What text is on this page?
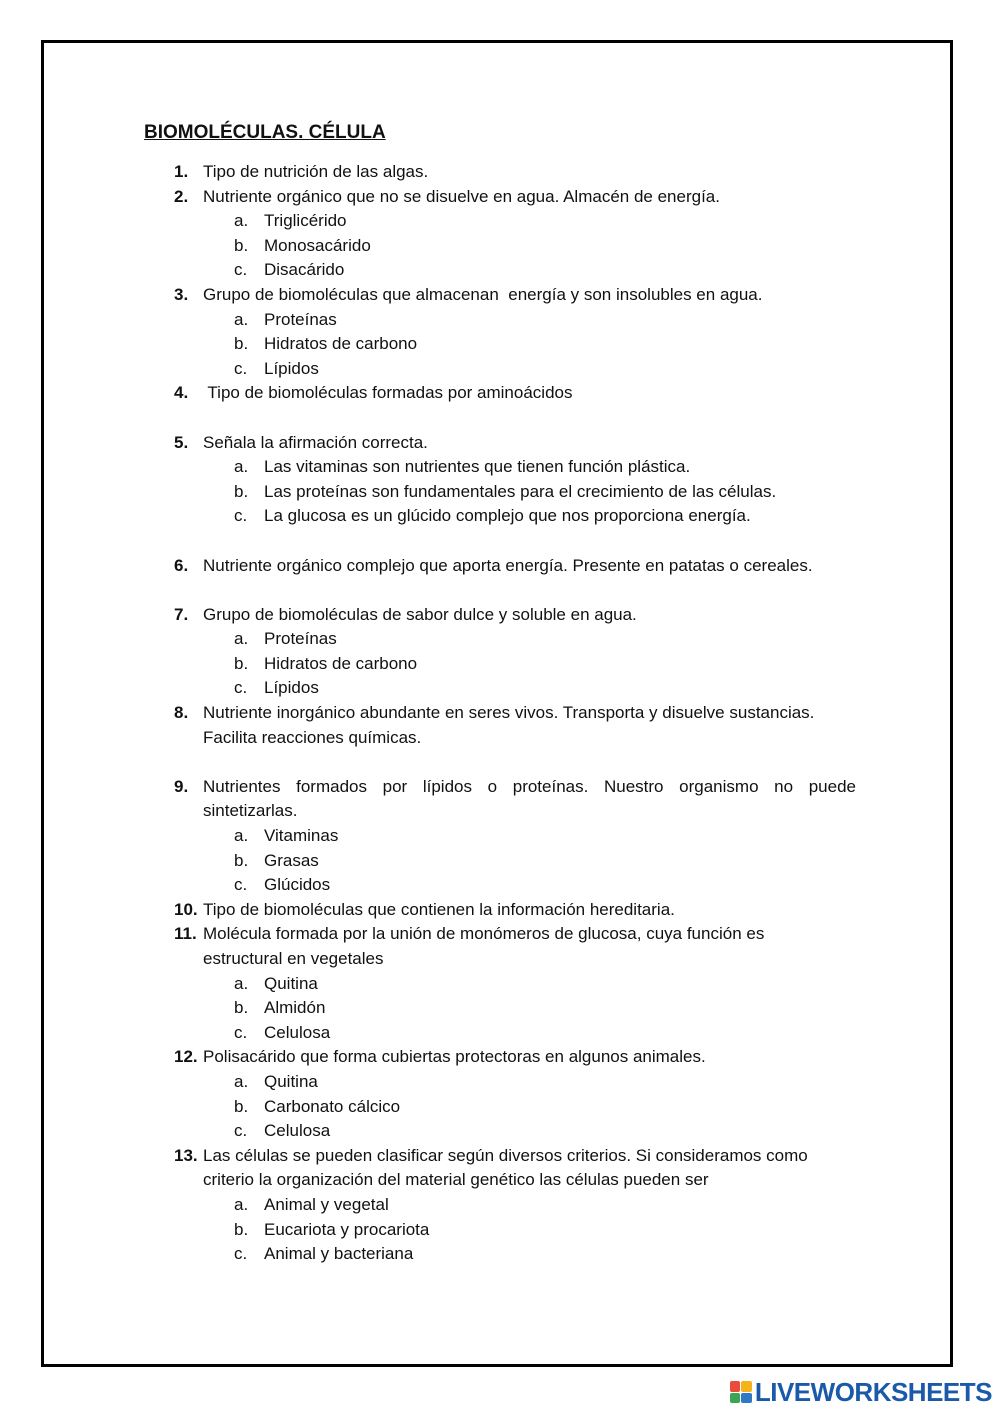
BIOMOLÉCULAS. CÉLULA
1. Tipo de nutrición de las algas.
2. Nutriente orgánico que no se disuelve en agua. Almacén de energía.
a. Triglicérido
b. Monosacárido
c. Disacárido
3. Grupo de biomoléculas que almacenan  energía y son insolubles en agua.
a. Proteínas
b. Hidratos de carbono
c. Lípidos
4. Tipo de biomoléculas formadas por aminoácidos
5. Señala la afirmación correcta.
a. Las vitaminas son nutrientes que tienen función plástica.
b. Las proteínas son fundamentales para el crecimiento de las células.
c. La glucosa es un glúcido complejo que nos proporciona energía.
6. Nutriente orgánico complejo que aporta energía. Presente en patatas o cereales.
7. Grupo de biomoléculas de sabor dulce y soluble en agua.
a. Proteínas
b. Hidratos de carbono
c. Lípidos
8. Nutriente inorgánico abundante en seres vivos. Transporta y disuelve sustancias. Facilita reacciones químicas.
9. Nutrientes formados por lípidos o proteínas. Nuestro organismo no puede sintetizarlas.
a. Vitaminas
b. Grasas
c. Glúcidos
10. Tipo de biomoléculas que contienen la información hereditaria.
11. Molécula formada por la unión de monómeros de glucosa, cuya función es estructural en vegetales
a. Quitina
b. Almidón
c. Celulosa
12. Polisacárido que forma cubiertas protectoras en algunos animales.
a. Quitina
b. Carbonato cálcico
c. Celulosa
13. Las células se pueden clasificar según diversos criterios. Si consideramos como criterio la organización del material genético las células pueden ser
a. Animal y vegetal
b. Eucariota y procariota
c. Animal y bacteriana
LIVEWORKSHEETS
